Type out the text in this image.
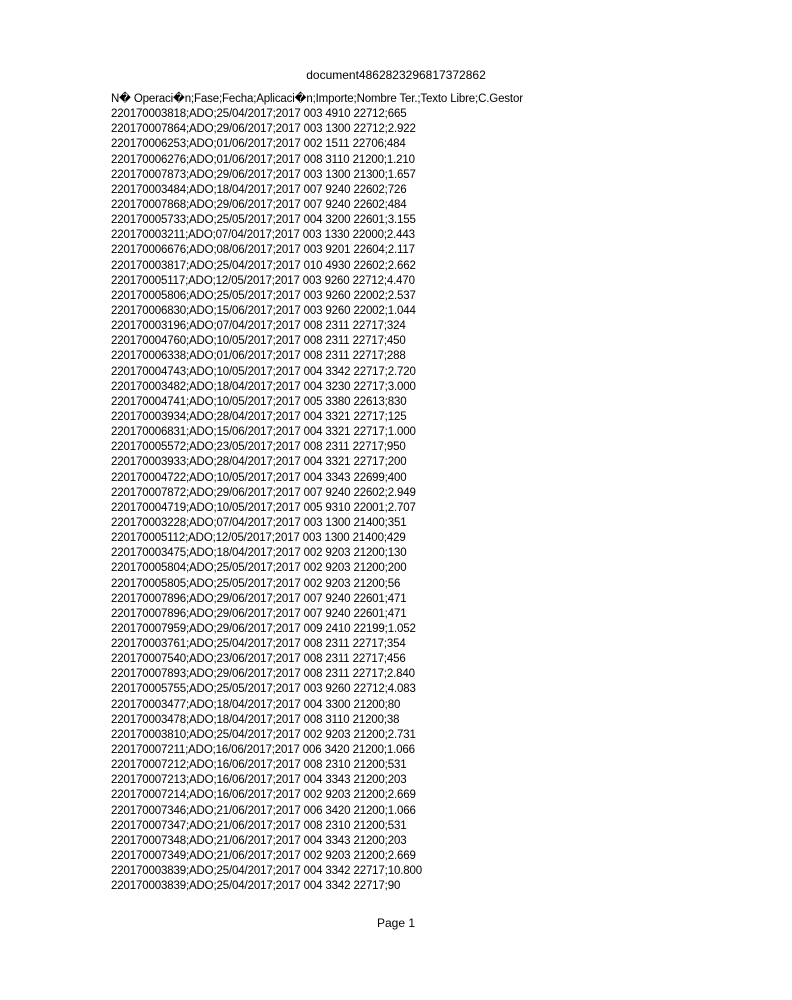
document4862823296817372862
N� Operaci�n;Fase;Fecha;Aplicaci�n;Importe;Nombre Ter.;Texto Libre;C.Gestor
220170003818;ADO;25/04/2017;2017 003 4910 22712;665
220170007864;ADO;29/06/2017;2017 003 1300 22712;2.922
220170006253;ADO;01/06/2017;2017 002 1511 22706;484
220170006276;ADO;01/06/2017;2017 008 3110 21200;1.210
220170007873;ADO;29/06/2017;2017 003 1300 21300;1.657
220170003484;ADO;18/04/2017;2017 007 9240 22602;726
220170007868;ADO;29/06/2017;2017 007 9240 22602;484
220170005733;ADO;25/05/2017;2017 004 3200 22601;3.155
220170003211;ADO;07/04/2017;2017 003 1330 22000;2.443
220170006676;ADO;08/06/2017;2017 003 9201 22604;2.117
220170003817;ADO;25/04/2017;2017 010 4930 22602;2.662
220170005117;ADO;12/05/2017;2017 003 9260 22712;4.470
220170005806;ADO;25/05/2017;2017 003 9260 22002;2.537
220170006830;ADO;15/06/2017;2017 003 9260 22002;1.044
220170003196;ADO;07/04/2017;2017 008 2311 22717;324
220170004760;ADO;10/05/2017;2017 008 2311 22717;450
220170006338;ADO;01/06/2017;2017 008 2311 22717;288
220170004743;ADO;10/05/2017;2017 004 3342 22717;2.720
220170003482;ADO;18/04/2017;2017 004 3230 22717;3.000
220170004741;ADO;10/05/2017;2017 005 3380 22613;830
220170003934;ADO;28/04/2017;2017 004 3321 22717;125
220170006831;ADO;15/06/2017;2017 004 3321 22717;1.000
220170005572;ADO;23/05/2017;2017 008 2311 22717;950
220170003933;ADO;28/04/2017;2017 004 3321 22717;200
220170004722;ADO;10/05/2017;2017 004 3343 22699;400
220170007872;ADO;29/06/2017;2017 007 9240 22602;2.949
220170004719;ADO;10/05/2017;2017 005 9310 22001;2.707
220170003228;ADO;07/04/2017;2017 003 1300 21400;351
220170005112;ADO;12/05/2017;2017 003 1300 21400;429
220170003475;ADO;18/04/2017;2017 002 9203 21200;130
220170005804;ADO;25/05/2017;2017 002 9203 21200;200
220170005805;ADO;25/05/2017;2017 002 9203 21200;56
220170007896;ADO;29/06/2017;2017 007 9240 22601;471
220170007896;ADO;29/06/2017;2017 007 9240 22601;471
220170007959;ADO;29/06/2017;2017 009 2410 22199;1.052
220170003761;ADO;25/04/2017;2017 008 2311 22717;354
220170007540;ADO;23/06/2017;2017 008 2311 22717;456
220170007893;ADO;29/06/2017;2017 008 2311 22717;2.840
220170005755;ADO;25/05/2017;2017 003 9260 22712;4.083
220170003477;ADO;18/04/2017;2017 004 3300 21200;80
220170003478;ADO;18/04/2017;2017 008 3110 21200;38
220170003810;ADO;25/04/2017;2017 002 9203 21200;2.731
220170007211;ADO;16/06/2017;2017 006 3420 21200;1.066
220170007212;ADO;16/06/2017;2017 008 2310 21200;531
220170007213;ADO;16/06/2017;2017 004 3343 21200;203
220170007214;ADO;16/06/2017;2017 002 9203 21200;2.669
220170007346;ADO;21/06/2017;2017 006 3420 21200;1.066
220170007347;ADO;21/06/2017;2017 008 2310 21200;531
220170007348;ADO;21/06/2017;2017 004 3343 21200;203
220170007349;ADO;21/06/2017;2017 002 9203 21200;2.669
220170003839;ADO;25/04/2017;2017 004 3342 22717;10.800
220170003839;ADO;25/04/2017;2017 004 3342 22717;90
Page 1
